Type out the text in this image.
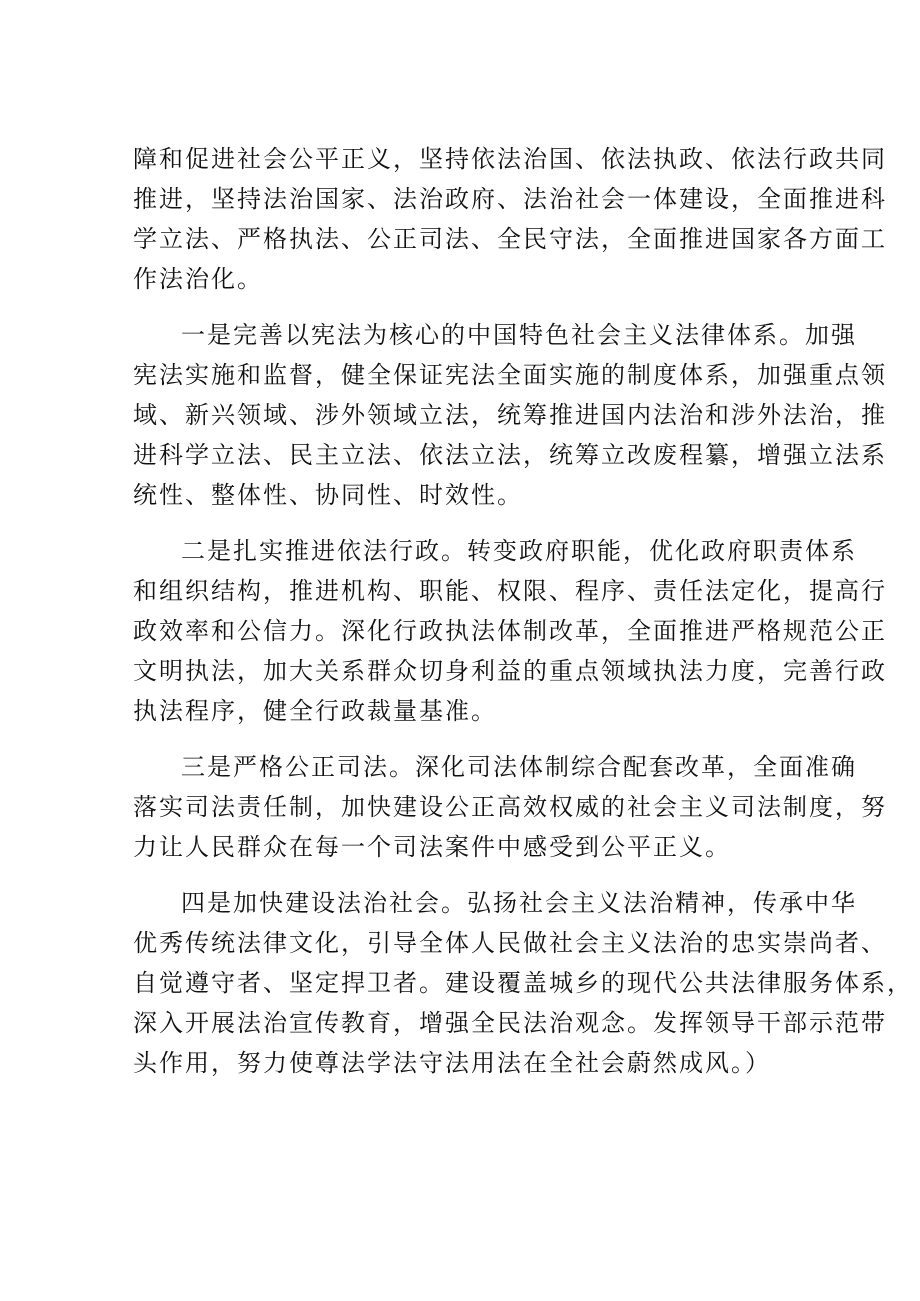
障和促进社会公平正义，坚持依法治国、依法执政、依法行政共同
推进，坚持法治国家、法治政府、法治社会一体建设，全面推进科
学立法、严格执法、公正司法、全民守法，全面推进国家各方面工
作法治化。

一是完善以宪法为核心的中国特色社会主义法律体系。加强
宪法实施和监督，健全保证宪法全面实施的制度体系，加强重点领
域、新兴领域、涉外领域立法，统筹推进国内法治和涉外法治，推
进科学立法、民主立法、依法立法，统筹立改废程纂，增强立法系
统性、整体性、协同性、时效性。

二是扎实推进依法行政。转变政府职能，优化政府职责体系
和组织结构，推进机构、职能、权限、程序、责任法定化，提高行
政效率和公信力。深化行政执法体制改革，全面推进严格规范公正
文明执法，加大关系群众切身利益的重点领域执法力度，完善行政
执法程序，健全行政裁量基准。

三是严格公正司法。深化司法体制综合配套改革，全面准确
落实司法责任制，加快建设公正高效权威的社会主义司法制度，努
力让人民群众在每一个司法案件中感受到公平正义。

四是加快建设法治社会。弘扬社会主义法治精神，传承中华
优秀传统法律文化，引导全体人民做社会主义法治的忠实崇尚者、
自觉遵守者、坚定捍卫者。建设覆盖城乡的现代公共法律服务体系，
深入开展法治宣传教育，增强全民法治观念。发挥领导干部示范带
头作用，努力使尊法学法守法用法在全社会蔚然成风。）
